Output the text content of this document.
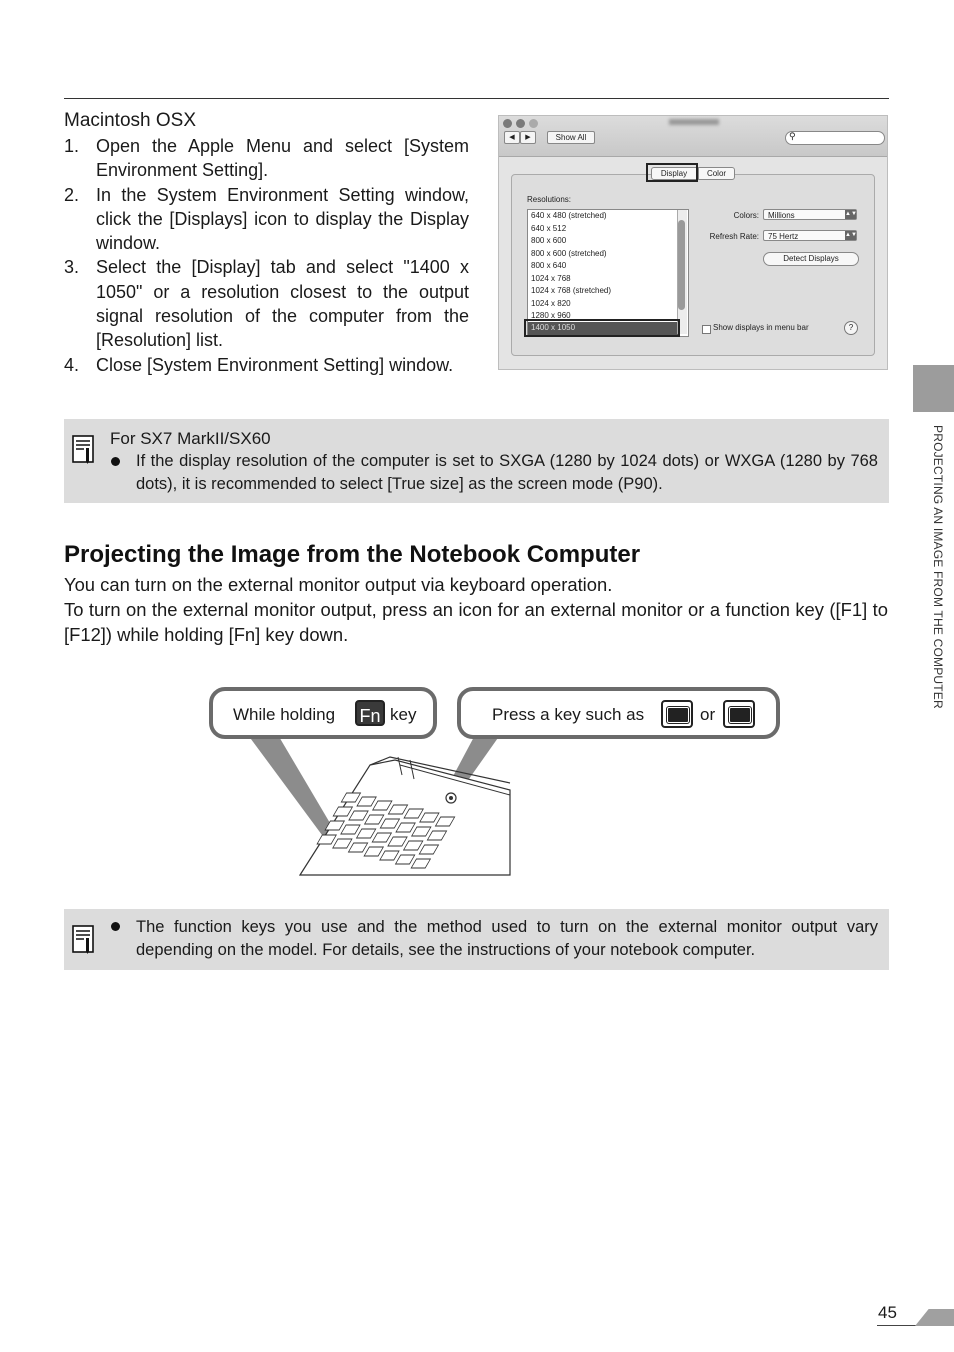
Macintosh OSX
1. Open the Apple Menu and select [System Environment Setting].
2. In the System Environment Setting window, click the [Displays] icon to display the Display window.
3. Select the [Display] tab and select "1400 x 1050" or a resolution closest to the output signal resolution of the computer from the [Resolution] list.
4. Close [System Environment Setting] window.
◀	▶	Show All	⚲
Display	Color
Resolutions:
640 x 480 (stretched)
640 x 512
800 x 600
800 x 600 (stretched)
800 x 640
1024 x 768
1024 x 768 (stretched)
1024 x 820
1280 x 960
1400 x 1050
Colors:	Millions	▲▼
Refresh Rate:	75 Hertz	▲▼
Detect Displays
Show displays in menu bar	?
PROJECTING AN IMAGE FROM THE COMPUTER
For SX7 MarkII/SX60
If the display resolution of the computer is set to SXGA (1280 by 1024 dots) or WXGA (1280 by 768 dots), it is recommended to select [True size] as the screen mode (P90).
Projecting the Image from the Notebook Computer
You can turn on the external monitor output via keyboard operation.
To turn on the external monitor output, press an icon for an external monitor or a function key ([F1] to [F12]) while holding [Fn] key down.
While holding Fn key	Press a key such as	or
The function keys you use and the method used to turn on the external monitor output vary depending on the model. For details, see the instructions of your notebook computer.
45
